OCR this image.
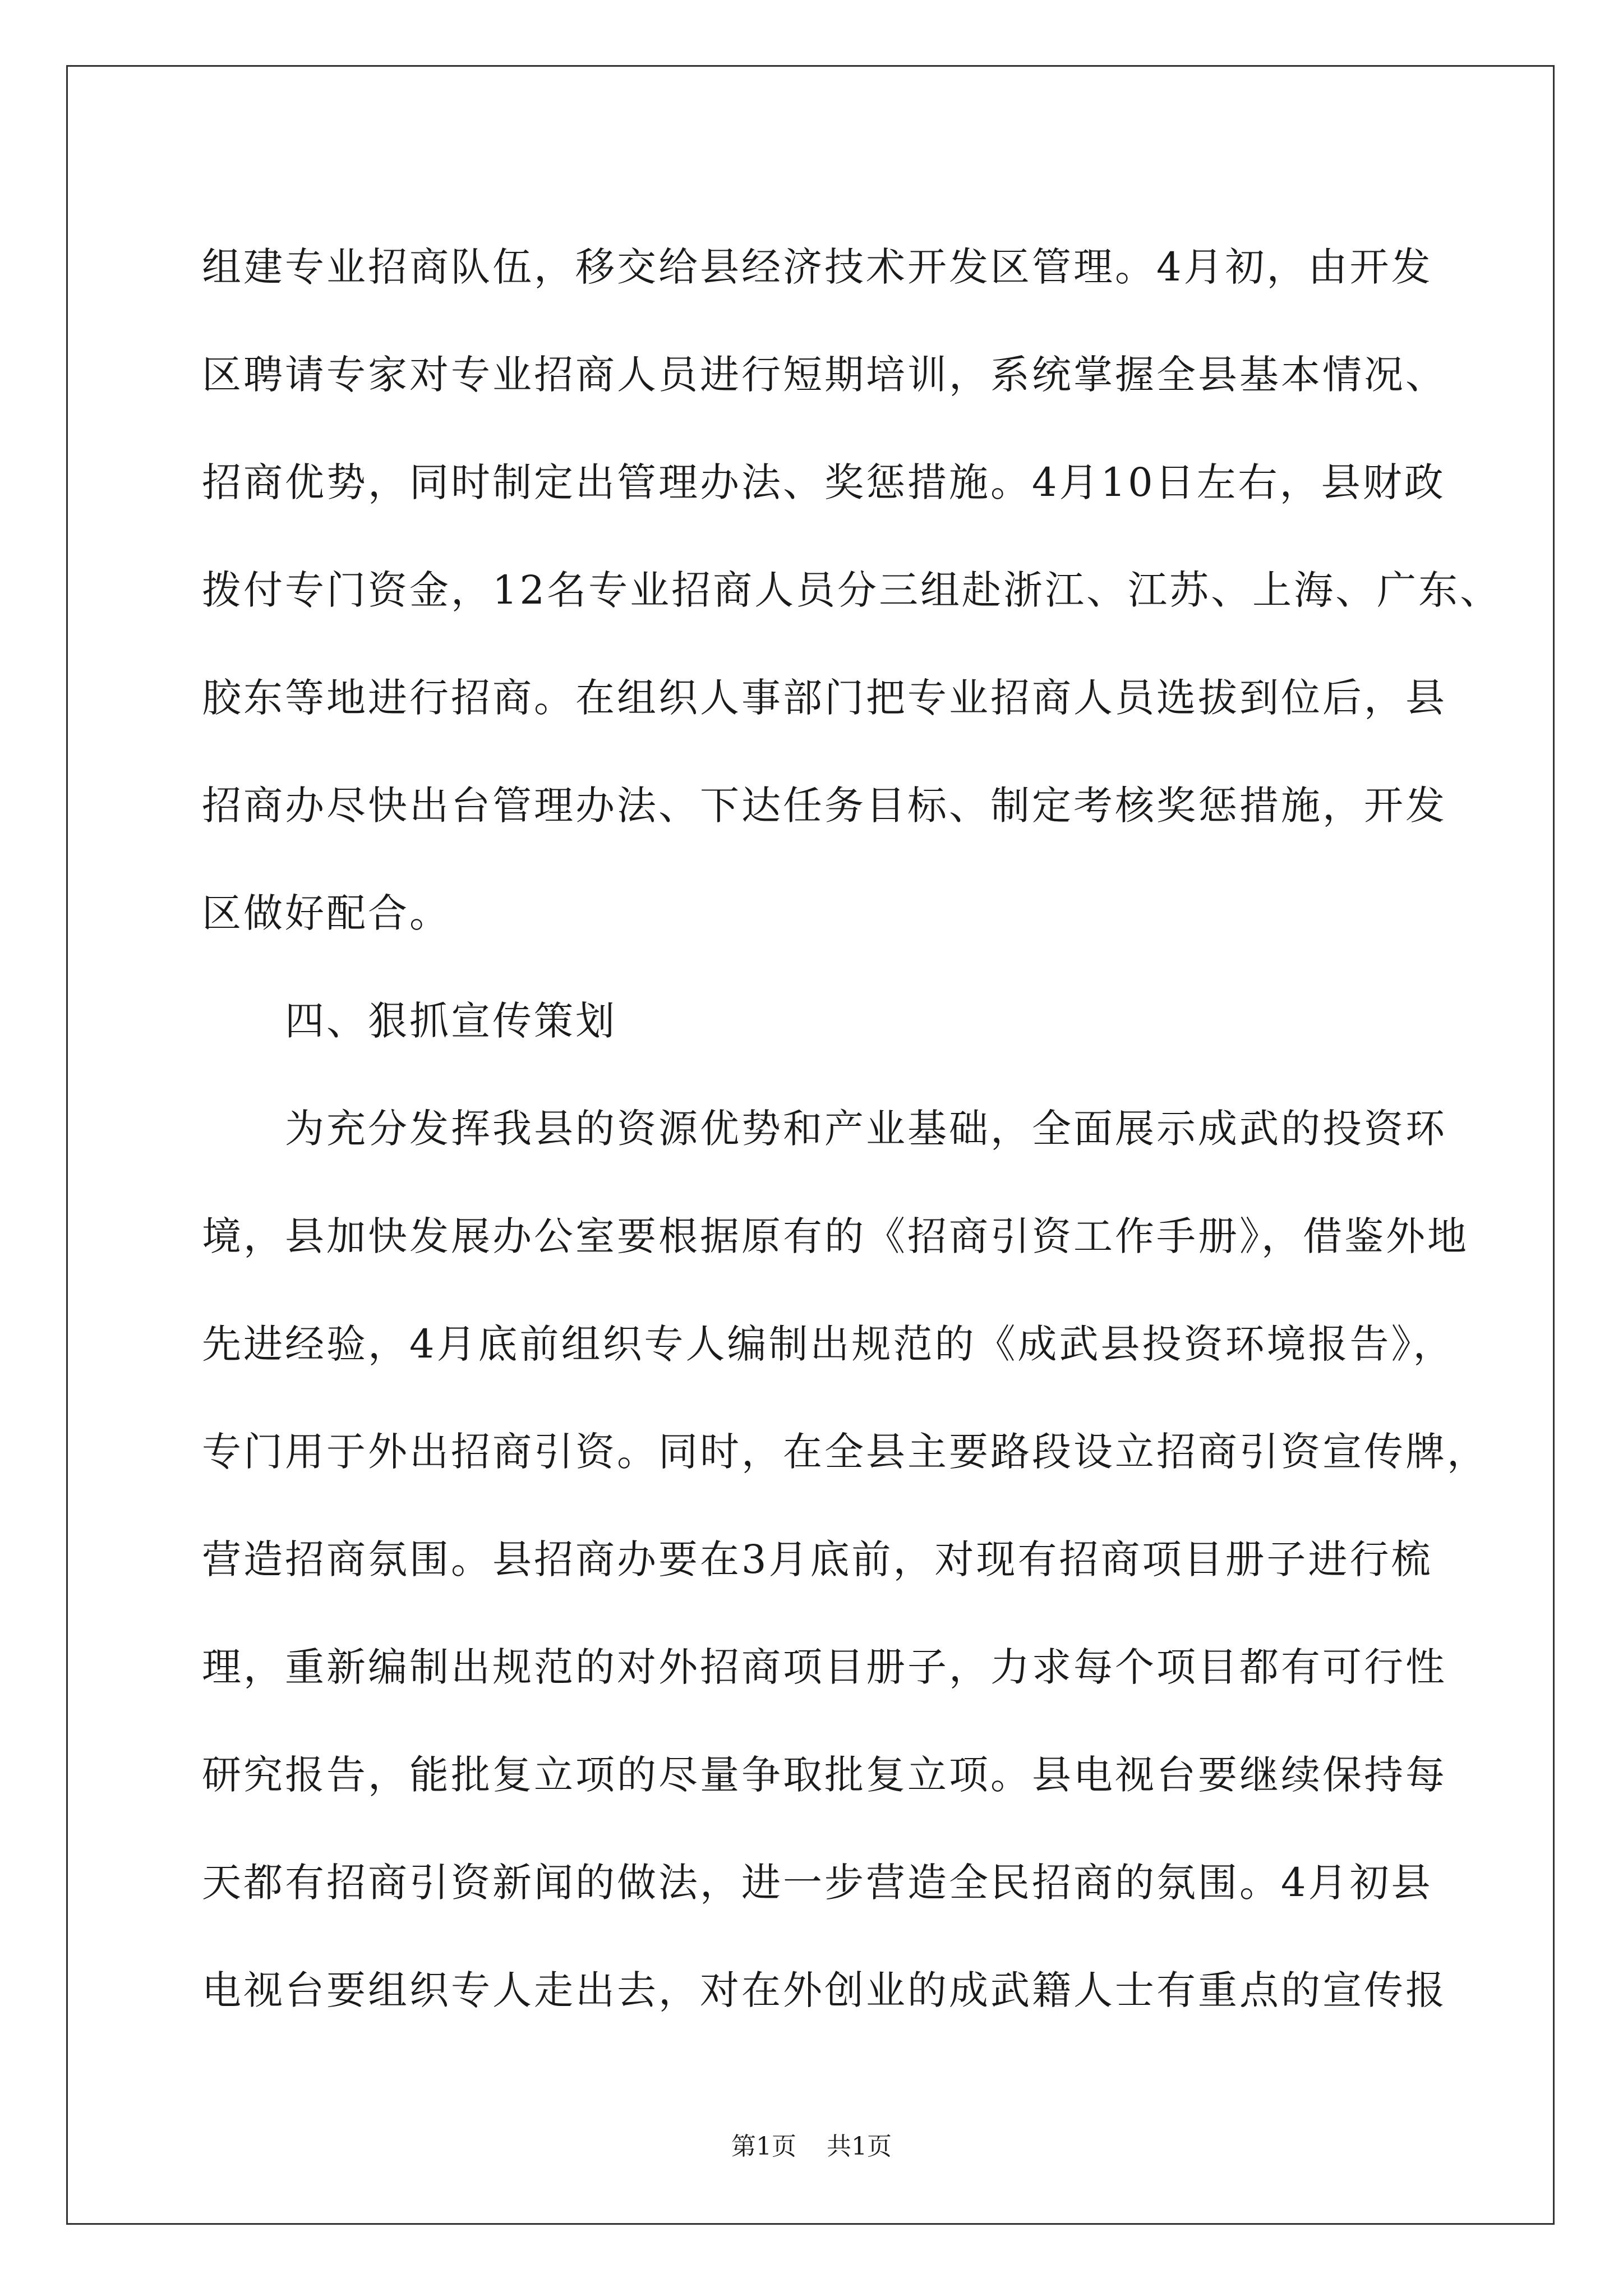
组建专业招商队伍，移交给县经济技术开发区管理。4月初，由开发

区聘请专家对专业招商人员进行短期培训，系统掌握全县基本情况、

招商优势，同时制定出管理办法、奖惩措施。4月10日左右，县财政

拨付专门资金，12名专业招商人员分三组赴浙江、江苏、上海、广东、

胶东等地进行招商。在组织人事部门把专业招商人员选拔到位后，县

招商办尽快出台管理办法、下达任务目标、制定考核奖惩措施，开发

区做好配合。

四、狠抓宣传策划

为充分发挥我县的资源优势和产业基础，全面展示成武的投资环

境，县加快发展办公室要根据原有的《招商引资工作手册》，借鉴外地

先进经验，4月底前组织专人编制出规范的《成武县投资环境报告》，

专门用于外出招商引资。同时，在全县主要路段设立招商引资宣传牌，

营造招商氛围。县招商办要在3月底前，对现有招商项目册子进行梳

理，重新编制出规范的对外招商项目册子，力求每个项目都有可行性

研究报告，能批复立项的尽量争取批复立项。县电视台要继续保持每

天都有招商引资新闻的做法，进一步营造全民招商的氛围。4月初县

电视台要组织专人走出去，对在外创业的成武籍人士有重点的宣传报

第1页 共1页
